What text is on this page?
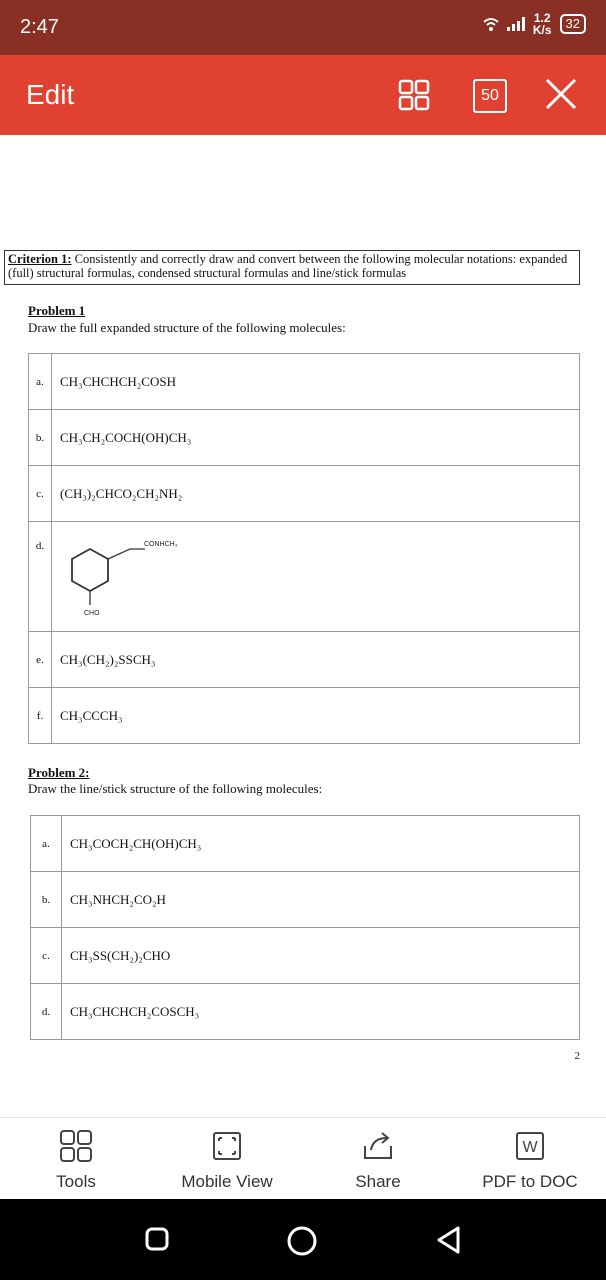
2:47	1.2
K/s	32
Edit	50
Criterion 1: Consistently and correctly draw and convert between the following molecular notations: expanded (full) structural formulas, condensed structural formulas and line/stick formulas
Problem 1
Draw the full expanded structure of the following molecules:
a.	CH₃CHCHCH₂COSH
b.	CH₃CH₂COCH(OH)CH₃
c.	(CH₃)₂CHCO₂CH₂NH₂
d.	CONHCH₃
CHO

e.	CH₃(CH₂)₂SSCH₃
f.	CH₃CCCH₃
Problem 2:
Draw the line/stick structure of the following molecules:
a.	CH₃COCH₂CH(OH)CH₃
b.	CH₃NHCH₂CO₂H
c.	CH₃SS(CH₂)₂CHO
d.	CH₃CHCHCH₂COSCH₃
2
Tools	Mobile View	Share
W
PDF to DOC
